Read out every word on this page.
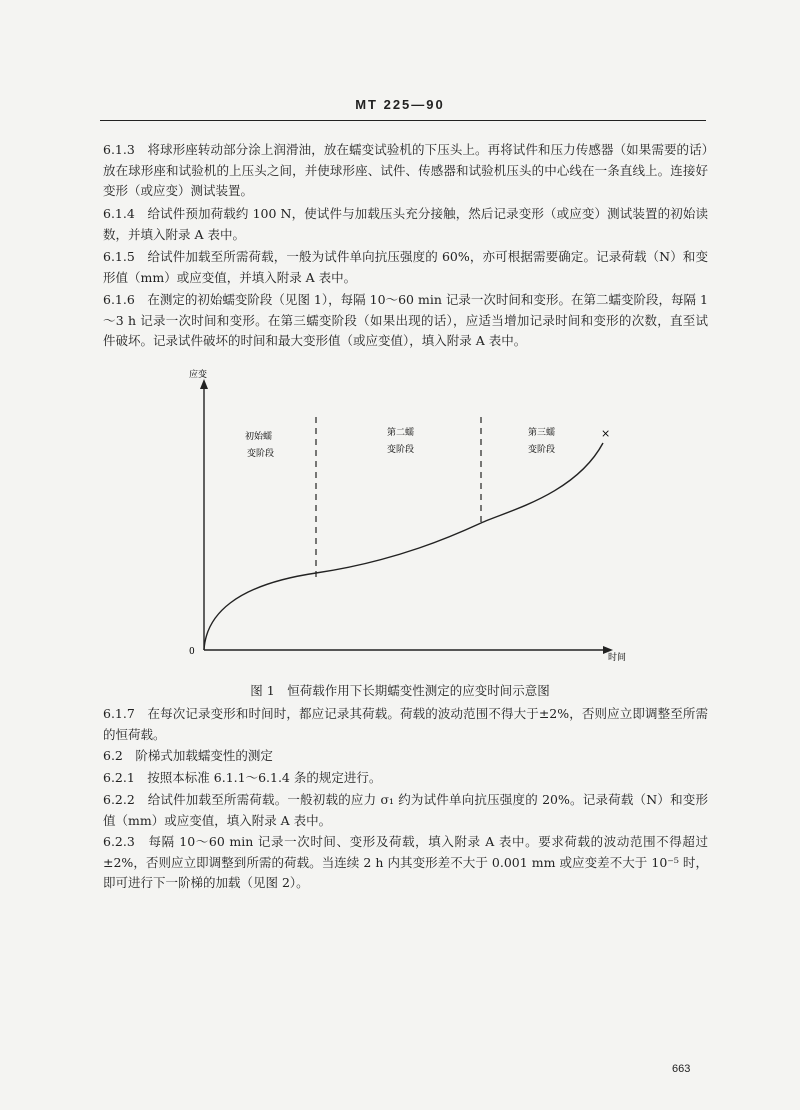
MT 225—90
6.1.3　将球形座转动部分涂上润滑油，放在蠕变试验机的下压头上。再将试件和压力传感器（如果需要的话）放在球形座和试验机的上压头之间，并使球形座、试件、传感器和试验机压头的中心线在一条直线上。连接好变形（或应变）测试装置。
6.1.4　给试件预加荷载约 100 N，使试件与加载压头充分接触，然后记录变形（或应变）测试装置的初始读数，并填入附录 A 表中。
6.1.5　给试件加载至所需荷载，一般为试件单向抗压强度的 60%，亦可根据需要确定。记录荷载（N）和变形值（mm）或应变值，并填入附录 A 表中。
6.1.6　在测定的初始蠕变阶段（见图 1），每隔 10～60 min 记录一次时间和变形。在第二蠕变阶段，每隔 1～3 h 记录一次时间和变形。在第三蠕变阶段（如果出现的话），应适当增加记录时间和变形的次数，直至试件破坏。记录试件破坏的时间和最大变形值（或应变值），填入附录 A 表中。
应变
时间
0
初始蠕
变阶段
第二蠕
变阶段
第三蠕
变阶段
×
图 1　恒荷载作用下长期蠕变性测定的应变时间示意图
6.1.7　在每次记录变形和时间时，都应记录其荷载。荷载的波动范围不得大于±2%，否则应立即调整至所需的恒荷载。
6.2　阶梯式加载蠕变性的测定
6.2.1　按照本标准 6.1.1～6.1.4 条的规定进行。
6.2.2　给试件加载至所需荷载。一般初载的应力 σ₁ 约为试件单向抗压强度的 20%。记录荷载（N）和变形值（mm）或应变值，填入附录 A 表中。
6.2.3　每隔 10～60 min 记录一次时间、变形及荷载，填入附录 A 表中。要求荷载的波动范围不得超过±2%，否则应立即调整到所需的荷载。当连续 2 h 内其变形差不大于 0.001 mm 或应变差不大于 10⁻⁵ 时，即可进行下一阶梯的加载（见图 2）。
663
